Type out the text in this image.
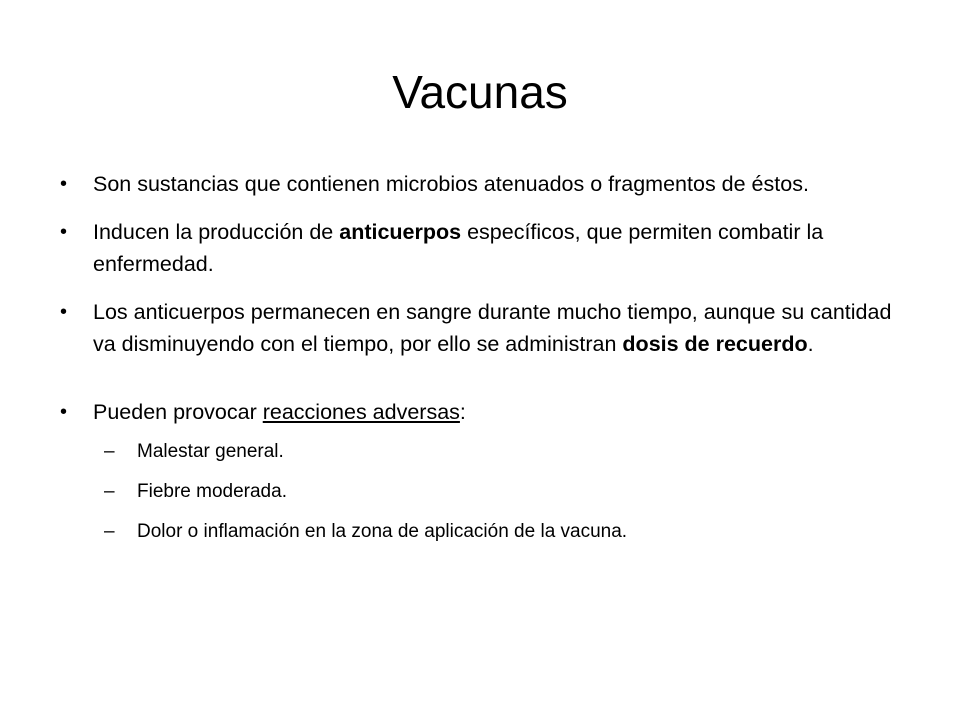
Vacunas

• Son sustancias que contienen microbios atenuados o fragmentos de éstos.

• Inducen la producción de anticuerpos específicos, que permiten combatir la enfermedad.

• Los anticuerpos permanecen en sangre durante mucho tiempo, aunque su cantidad va disminuyendo con el tiempo, por ello se administran dosis de recuerdo.

• Pueden provocar reacciones adversas:

– Malestar general.

– Fiebre moderada.

– Dolor o inflamación en la zona de aplicación de la vacuna.
